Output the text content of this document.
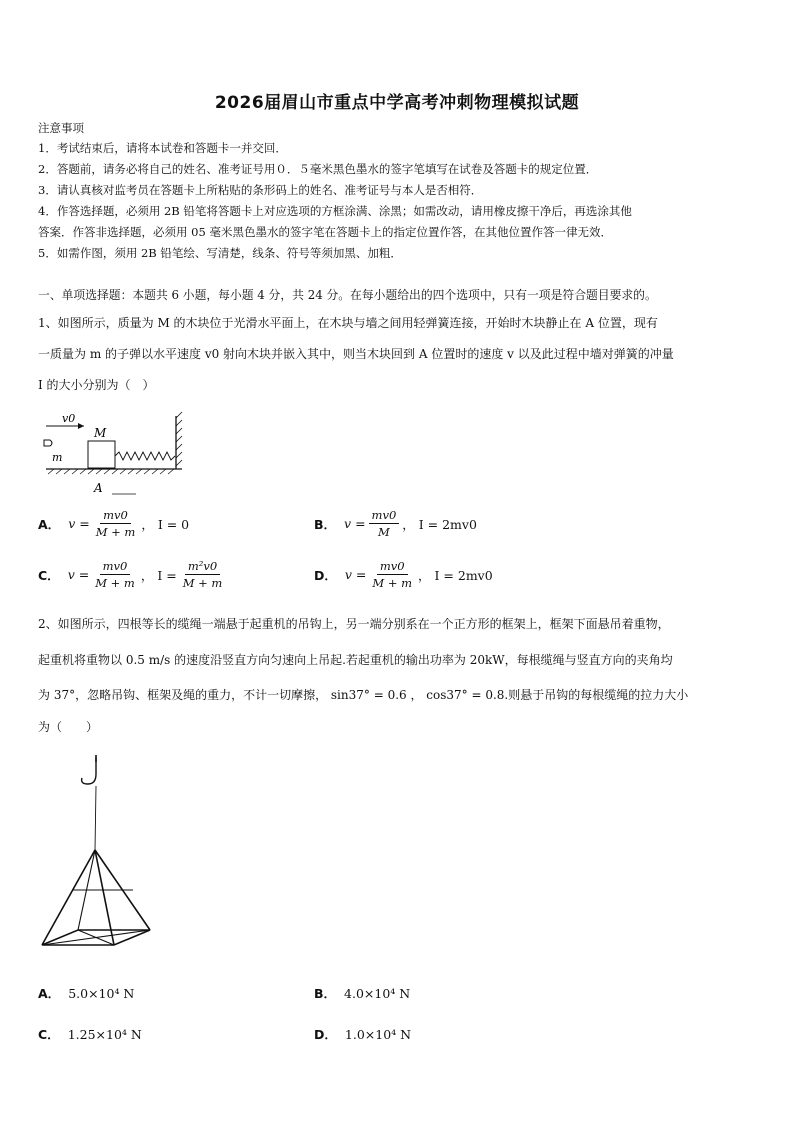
2026届眉山市重点中学高考冲刺物理模拟试题
注意事项
1．考试结束后，请将本试卷和答题卡一并交回．
2．答题前，请务必将自己的姓名、准考证号用０．５毫米黑色墨水的签字笔填写在试卷及答题卡的规定位置．
3．请认真核对监考员在答题卡上所粘贴的条形码上的姓名、准考证号与本人是否相符．
4．作答选择题，必须用 2B 铅笔将答题卡上对应选项的方框涂满、涂黑；如需改动，请用橡皮擦干净后，再选涂其他
答案．作答非选择题，必须用 05 毫米黑色墨水的签字笔在答题卡上的指定位置作答，在其他位置作答一律无效．
5．如需作图，须用 2B 铅笔绘、写清楚，线条、符号等须加黑、加粗．
一、单项选择题：本题共 6 小题，每小题 4 分，共 24 分。在每小题给出的四个选项中，只有一项是符合题目要求的。
1、如图所示，质量为 M 的木块位于光滑水平面上，在木块与墙之间用轻弹簧连接，开始时木块静止在 A 位置，现有
一质量为 m 的子弹以水平速度 v0 射向木块并嵌入其中，则当木块回到 A 位置时的速度 v 以及此过程中墙对弹簧的冲量
I 的大小分别为（　）
v0
m
M
A
A． $v = \frac{mv0}{M + m}$ ， I = 0	B． $v = \frac{mv0}{M}$ ， I = 2mv0
C． $v = \frac{mv0}{M + m}$ ， $I = \frac{\text{m²v0}}{M + m}$	D． $v = \frac{mv0}{M + m}$ ， I = 2mv0
2、如图所示，四根等长的缆绳一端悬于起重机的吊钩上，另一端分别系在一个正方形的框架上，框架下面悬吊着重物，
起重机将重物以 0.5 m/s 的速度沿竖直方向匀速向上吊起.若起重机的输出功率为 20kW，每根缆绳与竖直方向的夹角均
为 37°，忽略吊钩、框架及绳的重力，不计一切摩擦， sin37° = 0.6 ， cos37° = 0.8.则悬于吊钩的每根缆绳的拉力大小
为（　　）
A． 5.0×10⁴ N	B． 4.0×10⁴ N
C． 1.25×10⁴ N	D． 1.0×10⁴ N
